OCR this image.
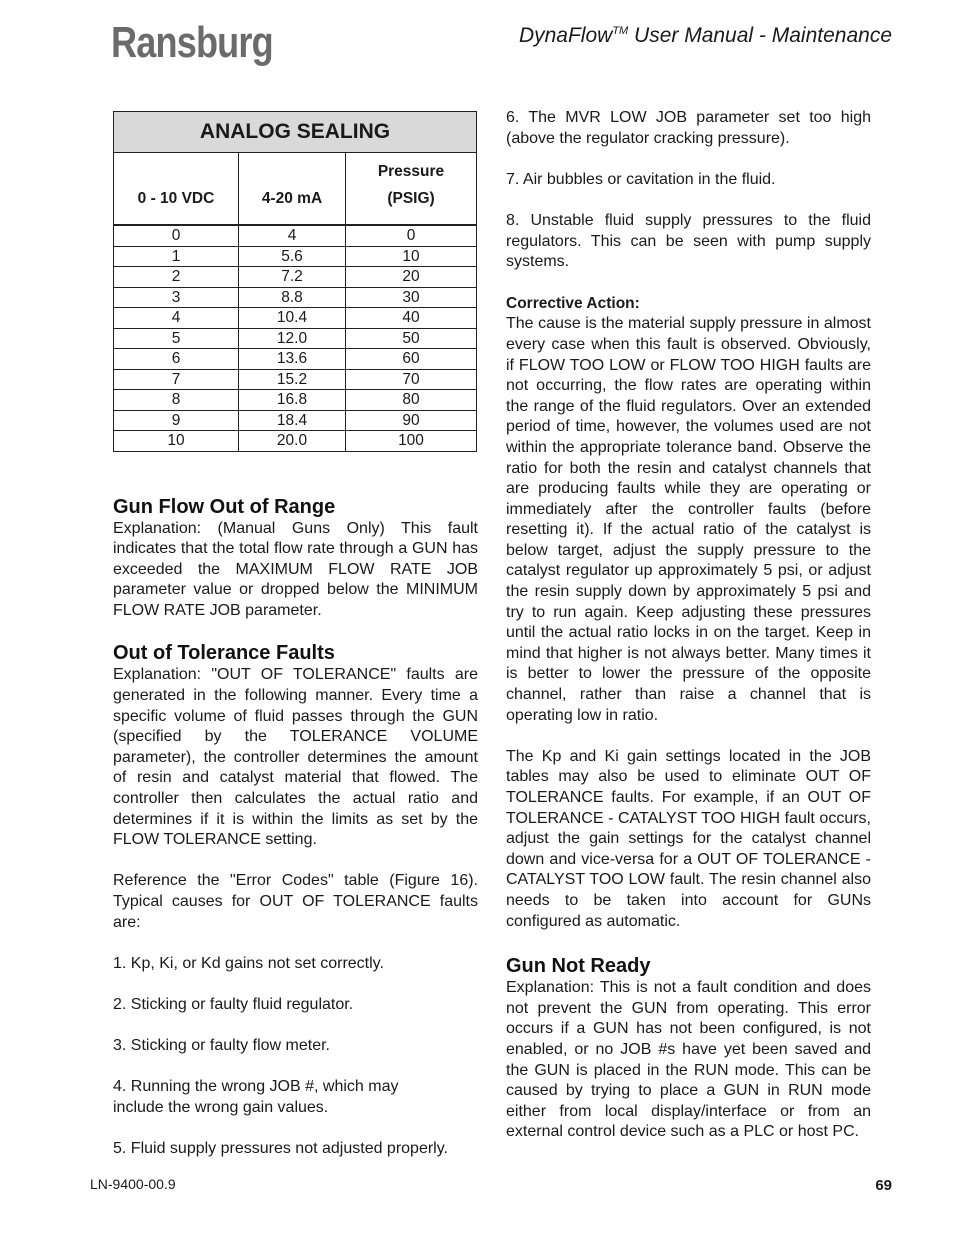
Ransburg	DynaFlow™ User Manual - Maintenance
ANALOG SEALING		
0 - 10 VDC	4-20 mA	Pressure
(PSIG)
0	4	0
1	5.6	10
2	7.2	20
3	8.8	30
4	10.4	40
5	12.0	50
6	13.6	60
7	15.2	70
8	16.8	80
9	18.4	90
10	20.0	100

Gun Flow Out of Range

Explanation: (Manual Guns Only) This fault indicates that the total flow rate through a GUN has exceeded the MAXIMUM FLOW RATE JOB parameter value or dropped below the MINIMUM FLOW RATE JOB parameter.

Out of Tolerance Faults

Explanation: "OUT OF TOLERANCE" faults are generated in the following manner. Every time a specific volume of fluid passes through the GUN (specified by the TOLERANCE VOLUME parameter), the controller determines the amount of resin and catalyst material that flowed. The controller then calculates the actual ratio and determines if it is within the limits as set by the FLOW TOLERANCE setting.

Reference the "Error Codes" table (Figure 16). Typical causes for OUT OF TOLERANCE faults are:

1. Kp, Ki, or Kd gains not set correctly.

2. Sticking or faulty fluid regulator.

3. Sticking or faulty flow meter.

4. Running the wrong JOB #, which may include the wrong gain values.

5. Fluid supply pressures not adjusted properly.

6. The MVR LOW JOB parameter set too high (above the regulator cracking pressure).

7. Air bubbles or cavitation in the fluid.

8. Unstable fluid supply pressures to the fluid regulators. This can be seen with pump supply systems.

Corrective Action:

The cause is the material supply pressure in almost every case when this fault is observed. Obviously, if FLOW TOO LOW or FLOW TOO HIGH faults are not occurring, the flow rates are operating within the range of the fluid regulators. Over an extended period of time, however, the volumes used are not within the appropriate tolerance band. Observe the ratio for both the resin and catalyst channels that are producing faults while they are operating or immediately after the controller faults (before resetting it). If the actual ratio of the catalyst is below target, adjust the supply pressure to the catalyst regulator up approximately 5 psi, or adjust the resin supply down by approximately 5 psi and try to run again. Keep adjusting these pressures until the actual ratio locks in on the target. Keep in mind that higher is not always better. Many times it is better to lower the pressure of the opposite channel, rather than raise a channel that is operating low in ratio.

The Kp and Ki gain settings located in the JOB tables may also be used to eliminate OUT OF TOLERANCE faults. For example, if an OUT OF TOLERANCE - CATALYST TOO HIGH fault occurs, adjust the gain settings for the catalyst channel down and vice-versa for a OUT OF TOLERANCE - CATALYST TOO LOW fault. The resin channel also needs to be taken into account for GUNs configured as automatic.

Gun Not Ready

Explanation: This is not a fault condition and does not prevent the GUN from operating. This error occurs if a GUN has not been configured, is not enabled, or no JOB #s have yet been saved and the GUN is placed in the RUN mode. This can be caused by trying to place a GUN in RUN mode either from local display/interface or from an external control device such as a PLC or host PC.

LN-9400-00.9	69
